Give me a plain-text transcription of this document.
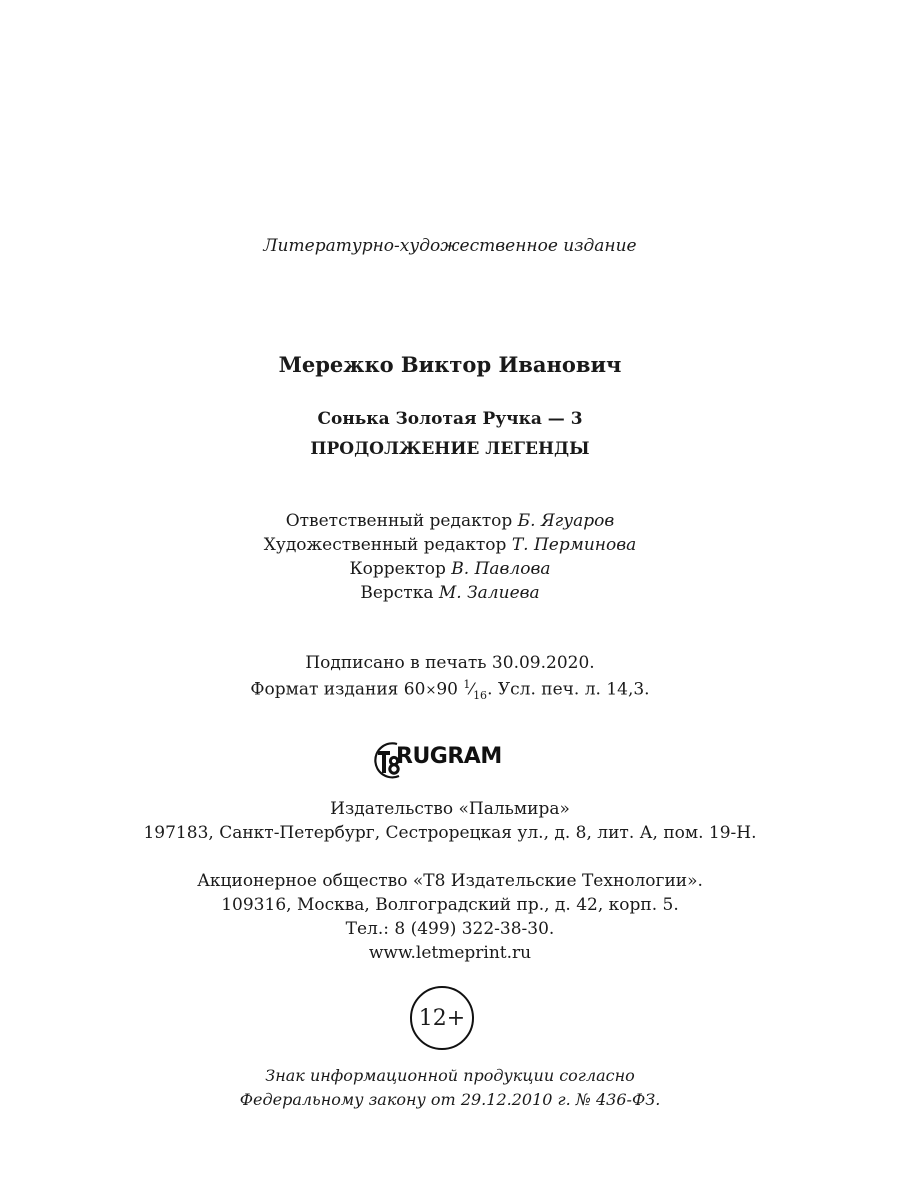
Литературно-художественное издание
Мережко Виктор Иванович
Сонька Золотая Ручка — 3
ПРОДОЛЖЕНИЕ ЛЕГЕНДЫ
Ответственный редактор Б. Ягуаров
Художественный редактор Т. Перминова
Корректор В. Павлова
Верстка М. Залиева
Подписано в печать 30.09.2020.
Формат издания 60×90 $^1⁄_{16}$. Усл. печ. л. 14,3.
RUGRAM
Издательство «Пальмира»
197183, Санкт-Петербург, Сестрорецкая ул., д. 8, лит. А, пом. 19-Н.
Акционерное общество «Т8 Издательские Технологии».
109316, Москва, Волгоградский пр., д. 42, корп. 5.
Тел.: 8 (499) 322-38-30.
www.letmeprint.ru
12+
Знак информационной продукции согласно
Федеральному закону от 29.12.2010 г. № 436-ФЗ.
